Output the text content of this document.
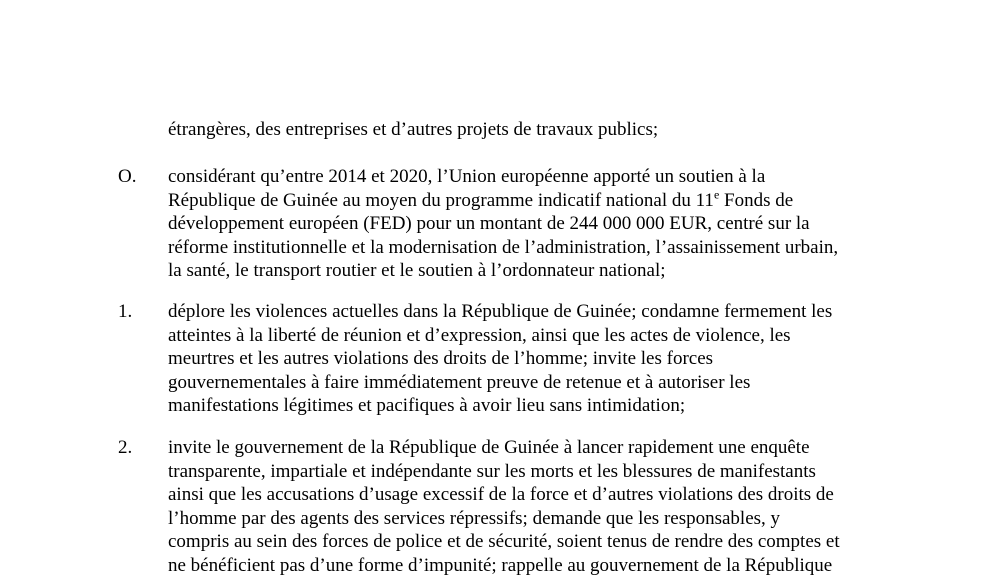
étrangères, des entreprises et d’autres projets de travaux publics;
O. considérant qu’entre 2014 et 2020, l’Union européenne apporté un soutien à la
République de Guinée au moyen du programme indicatif national du 11e Fonds de
développement européen (FED) pour un montant de 244 000 000 EUR, centré sur la
réforme institutionnelle et la modernisation de l’administration, l’assainissement urbain,
la santé, le transport routier et le soutien à l’ordonnateur national;
1. déplore les violences actuelles dans la République de Guinée; condamne fermement les
atteintes à la liberté de réunion et d’expression, ainsi que les actes de violence, les
meurtres et les autres violations des droits de l’homme; invite les forces
gouvernementales à faire immédiatement preuve de retenue et à autoriser les
manifestations légitimes et pacifiques à avoir lieu sans intimidation;
2. invite le gouvernement de la République de Guinée à lancer rapidement une enquête
transparente, impartiale et indépendante sur les morts et les blessures de manifestants
ainsi que les accusations d’usage excessif de la force et d’autres violations des droits de
l’homme par des agents des services répressifs; demande que les responsables, y
compris au sein des forces de police et de sécurité, soient tenus de rendre des comptes et
ne bénéficient pas d’une forme d’impunité; rappelle au gouvernement de la République
